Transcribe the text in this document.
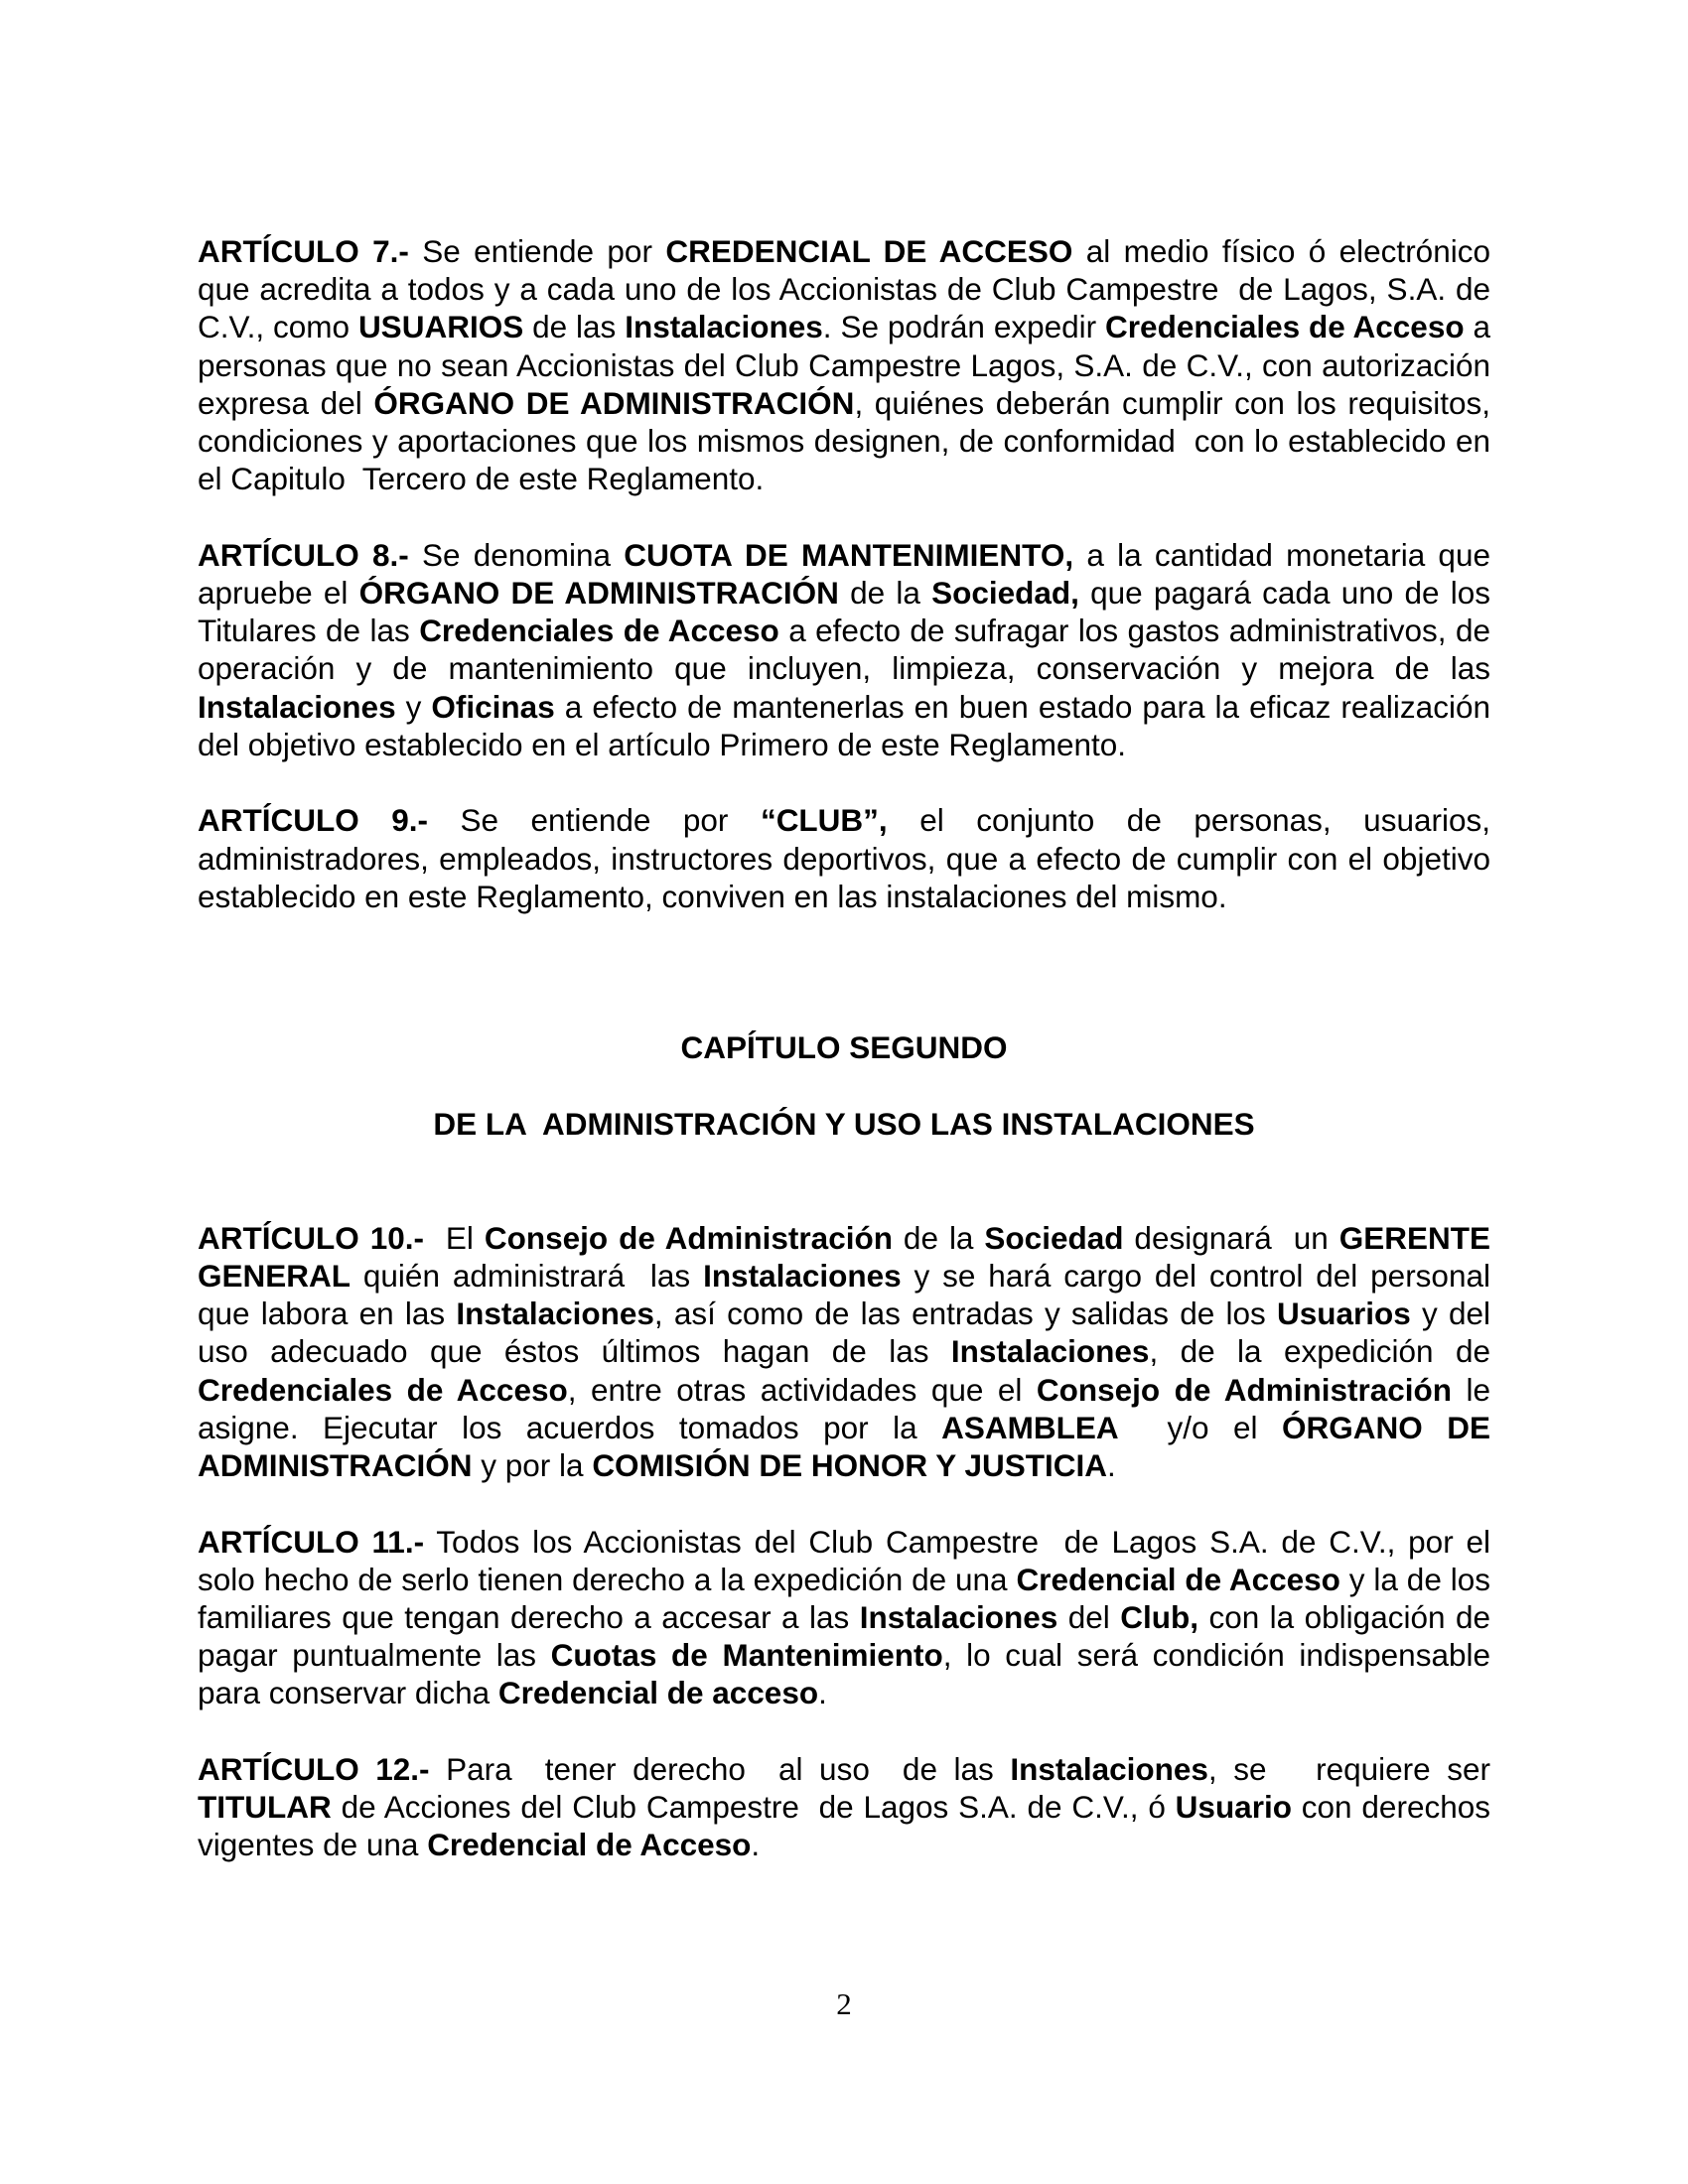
ARTÍCULO 7.- Se entiende por CREDENCIAL DE ACCESO al medio físico ó electrónico que acredita a todos y a cada uno de los Accionistas de Club Campestre  de Lagos, S.A. de C.V., como USUARIOS de las Instalaciones. Se podrán expedir Credenciales de Acceso a personas que no sean Accionistas del Club Campestre Lagos, S.A. de C.V., con autorización expresa del ÓRGANO DE ADMINISTRACIÓN, quiénes deberán cumplir con los requisitos, condiciones y aportaciones que los mismos designen, de conformidad  con lo establecido en el Capitulo  Tercero de este Reglamento.

ARTÍCULO 8.- Se denomina CUOTA DE MANTENIMIENTO, a la cantidad monetaria que apruebe el ÓRGANO DE ADMINISTRACIÓN de la Sociedad, que pagará cada uno de los Titulares de las Credenciales de Acceso a efecto de sufragar los gastos administrativos, de operación y de mantenimiento que incluyen, limpieza, conservación y mejora de las Instalaciones y Oficinas a efecto de mantenerlas en buen estado para la eficaz realización del objetivo establecido en el artículo Primero de este Reglamento.

ARTÍCULO 9.- Se entiende por “CLUB”, el conjunto de personas, usuarios, administradores, empleados, instructores deportivos, que a efecto de cumplir con el objetivo establecido en este Reglamento, conviven en las instalaciones del mismo.

CAPÍTULO SEGUNDO
DE LA  ADMINISTRACIÓN Y USO LAS INSTALACIONES

ARTÍCULO 10.-  El Consejo de Administración de la Sociedad designará  un GERENTE GENERAL quién administrará  las Instalaciones y se hará cargo del control del personal que labora en las Instalaciones, así como de las entradas y salidas de los Usuarios y del uso adecuado que éstos últimos hagan de las Instalaciones, de la expedición de Credenciales de Acceso, entre otras actividades que el Consejo de Administración le asigne. Ejecutar los acuerdos tomados por la ASAMBLEA  y/o el ÓRGANO DE ADMINISTRACIÓN y por la COMISIÓN DE HONOR Y JUSTICIA.

ARTÍCULO 11.- Todos los Accionistas del Club Campestre  de Lagos S.A. de C.V., por el solo hecho de serlo tienen derecho a la expedición de una Credencial de Acceso y la de los familiares que tengan derecho a accesar a las Instalaciones del Club, con la obligación de pagar puntualmente las Cuotas de Mantenimiento, lo cual será condición indispensable para conservar dicha Credencial de acceso.

ARTÍCULO 12.- Para  tener derecho  al uso  de las Instalaciones, se   requiere ser TITULAR de Acciones del Club Campestre  de Lagos S.A. de C.V., ó Usuario con derechos vigentes de una Credencial de Acceso.

2
